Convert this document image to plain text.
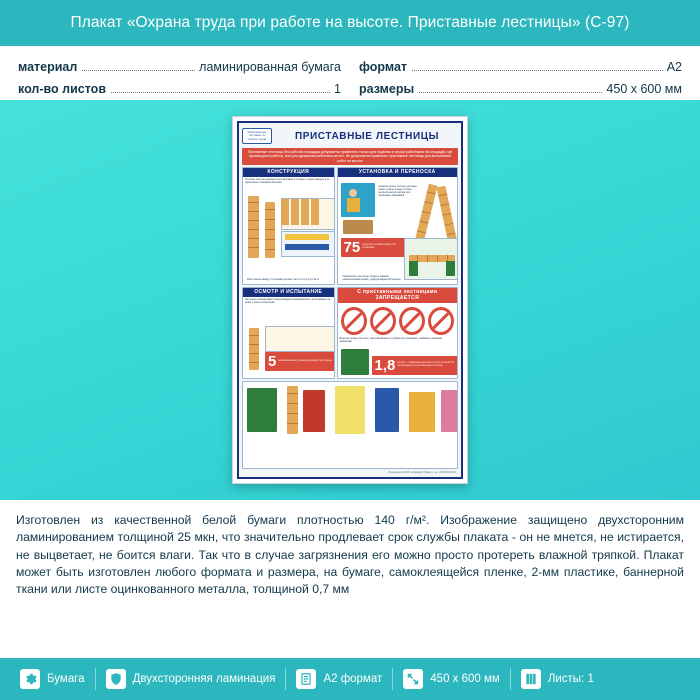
Плакат «Охрана труда при работе на высоте. Приставные лестницы» (С-97)
материал	ламинированная бумага
кол-во листов	1
формат	А2
размеры	450 х 600 мм
Комплексные поставки по охране труда	ПРИСТАВНЫЕ ЛЕСТНИЦЫ
Приставные лестницы без рабочих площадок допускается применять только для подъема и спуска работников на площадки, где производятся работы, или для удержания работника на них. Не допускается применять приставные лестницы для выполнения работ на высоте
КОНСТРУКЦИЯ
Ступени лестниц должны быть врезаны в тетивы и через каждые 2 м скреплены стяжными болтами
Расстояние между ступенями должно быть от 0,3 до 0,34 м
УСТАНОВКА И ПЕРЕНОСКА
Нижние концы лестниц должны иметь упоры в виде острых металлических шипов или резиновых башмаков
75 градусов оптимальный угол установки
Переносить лестницу следует вдвоём, наконечниками назад, предупреждая встречных
ОСМОТР И ИСПЫТАНИЕ
Лестницы осматривают перед каждым применением и испытывают не реже 1 раза в 6 месяцев
5 максимальная длина деревянной лестницы
С приставными лестницами ЗАПРЕЩАЕТСЯ
Верхние концы лестниц, приставляемых к трубам или проводам, снабжают крюками-захватами
1,8 метра — максимальная высота при которой не используются страховочные системы
Издательство ООО «Стандарт-Плакат», тел. (495) 000-00-00
Изготовлен из качественной белой бумаги плотностью 140 г/м². Изображение защищено двухсторонним ламинированием толщиной 25 мкн, что значительно продлевает срок службы плаката - он не мнется, не истирается, не выцветает, не боится влаги. Так что в случае загрязнения его можно просто протереть влажной тряпкой. Плакат может быть изготовлен любого формата и размера, на бумаге, самоклеящейся пленке, 2-мм пластике, баннерной ткани или листе оцинкованного металла, толщиной 0,7 мм
Бумага	Двухсторонняя ламинация	A2 формат	450 х 600 мм	Листы: 1
